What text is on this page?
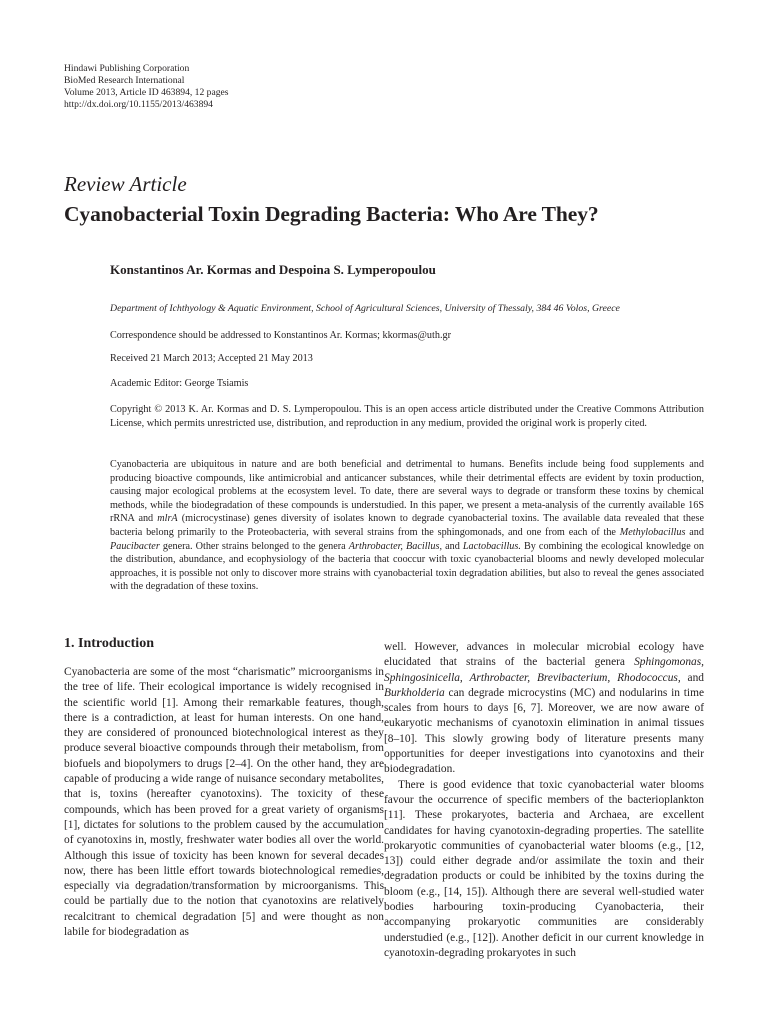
Hindawi Publishing Corporation
BioMed Research International
Volume 2013, Article ID 463894, 12 pages
http://dx.doi.org/10.1155/2013/463894
Review Article
Cyanobacterial Toxin Degrading Bacteria: Who Are They?
Konstantinos Ar. Kormas and Despoina S. Lymperopoulou
Department of Ichthyology & Aquatic Environment, School of Agricultural Sciences, University of Thessaly, 384 46 Volos, Greece
Correspondence should be addressed to Konstantinos Ar. Kormas; kkormas@uth.gr
Received 21 March 2013; Accepted 21 May 2013
Academic Editor: George Tsiamis
Copyright © 2013 K. Ar. Kormas and D. S. Lymperopoulou. This is an open access article distributed under the Creative Commons Attribution License, which permits unrestricted use, distribution, and reproduction in any medium, provided the original work is properly cited.
Cyanobacteria are ubiquitous in nature and are both beneficial and detrimental to humans. Benefits include being food supplements and producing bioactive compounds, like antimicrobial and anticancer substances, while their detrimental effects are evident by toxin production, causing major ecological problems at the ecosystem level. To date, there are several ways to degrade or transform these toxins by chemical methods, while the biodegradation of these compounds is understudied. In this paper, we present a meta-analysis of the currently available 16S rRNA and mlrA (microcystinase) genes diversity of isolates known to degrade cyanobacterial toxins. The available data revealed that these bacteria belong primarily to the Proteobacteria, with several strains from the sphingomonads, and one from each of the Methylobacillus and Paucibacter genera. Other strains belonged to the genera Arthrobacter, Bacillus, and Lactobacillus. By combining the ecological knowledge on the distribution, abundance, and ecophysiology of the bacteria that cooccur with toxic cyanobacterial blooms and newly developed molecular approaches, it is possible not only to discover more strains with cyanobacterial toxin degradation abilities, but also to reveal the genes associated with the degradation of these toxins.
1. Introduction

Cyanobacteria are some of the most “charismatic” microorganisms in the tree of life. Their ecological importance is widely recognised in the scientific world [1]. Among their remarkable features, though, there is a contradiction, at least for human interests. On one hand, they are considered of pronounced biotechnological interest as they produce several bioactive compounds through their metabolism, from biofuels and biopolymers to drugs [2–4]. On the other hand, they are capable of producing a wide range of nuisance secondary metabolites, that is, toxins (hereafter cyanotoxins). The toxicity of these compounds, which has been proved for a great variety of organisms [1], dictates for solutions to the problem caused by the accumulation of cyanotoxins in, mostly, freshwater water bodies all over the world. Although this issue of toxicity has been known for several decades now, there has been little effort towards biotechnological remedies, especially via degradation/transformation by microorganisms. This could be partially due to the notion that cyanotoxins are relatively recalcitrant to chemical degradation [5] and were thought as non labile for biodegradation as

well. However, advances in molecular microbial ecology have elucidated that strains of the bacterial genera Sphingomonas, Sphingosinicella, Arthrobacter, Brevibacterium, Rhodococcus, and Burkholderia can degrade microcystins (MC) and nodularins in time scales from hours to days [6, 7]. Moreover, we are now aware of eukaryotic mechanisms of cyanotoxin elimination in animal tissues [8–10]. This slowly growing body of literature presents many opportunities for deeper investigations into cyanotoxins and their biodegradation.

There is good evidence that toxic cyanobacterial water blooms favour the occurrence of specific members of the bacterioplankton [11]. These prokaryotes, bacteria and Archaea, are excellent candidates for having cyanotoxin-degrading properties. The satellite prokaryotic communities of cyanobacterial water blooms (e.g., [12, 13]) could either degrade and/or assimilate the toxin and their degradation products or could be inhibited by the toxins during the bloom (e.g., [14, 15]). Although there are several well-studied water bodies harbouring toxin-producing Cyanobacteria, their accompanying prokaryotic communities are considerably understudied (e.g., [12]). Another deficit in our current knowledge in cyanotoxin-degrading prokaryotes in such
